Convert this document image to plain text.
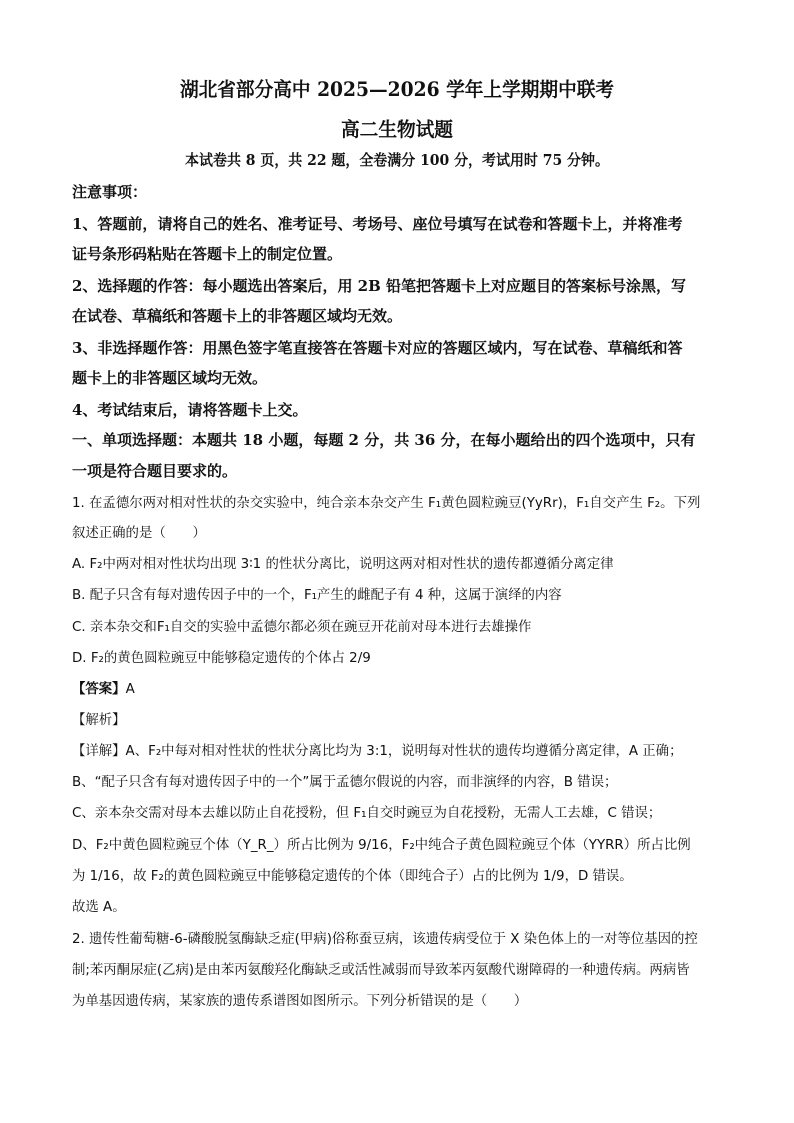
湖北省部分高中 2025—2026 学年上学期期中联考
高二生物试题
本试卷共 8 页，共 22 题，全卷满分 100 分，考试用时 75 分钟。
注意事项：
1、答题前，请将自己的姓名、准考证号、考场号、座位号填写在试卷和答题卡上，并将准考
证号条形码粘贴在答题卡上的制定位置。
2、选择题的作答：每小题选出答案后，用 2B 铅笔把答题卡上对应题目的答案标号涂黑，写
在试卷、草稿纸和答题卡上的非答题区域均无效。
3、非选择题作答：用黑色签字笔直接答在答题卡对应的答题区域内，写在试卷、草稿纸和答
题卡上的非答题区域均无效。
4、考试结束后，请将答题卡上交。
一、单项选择题：本题共 18 小题，每题 2 分，共 36 分，在每小题给出的四个选项中，只有
一项是符合题目要求的。
1. 在孟德尔两对相对性状的杂交实验中，纯合亲本杂交产生 F₁黄色圆粒豌豆(YyRr)，F₁自交产生 F₂。下列
叙述正确的是（　　）
A. F₂中两对相对性状均出现 3∶1 的性状分离比，说明这两对相对性状的遗传都遵循分离定律
B. 配子只含有每对遗传因子中的一个，F₁产生的雌配子有 4 种，这属于演绎的内容
C. 亲本杂交和F₁自交的实验中孟德尔都必须在豌豆开花前对母本进行去雄操作
D. F₂的黄色圆粒豌豆中能够稳定遗传的个体占 2/9
【答案】A
【解析】
【详解】A、F₂中每对相对性状的性状分离比均为 3:1，说明每对性状的遗传均遵循分离定律，A 正确；
B、“配子只含有每对遗传因子中的一个”属于孟德尔假说的内容，而非演绎的内容，B 错误；
C、亲本杂交需对母本去雄以防止自花授粉，但 F₁自交时豌豆为自花授粉，无需人工去雄，C 错误；
D、F₂中黄色圆粒豌豆个体（Y_R_）所占比例为 9/16，F₂中纯合子黄色圆粒豌豆个体（YYRR）所占比例
为 1/16，故 F₂的黄色圆粒豌豆中能够稳定遗传的个体（即纯合子）占的比例为 1/9，D 错误。
故选 A。
2. 遗传性葡萄糖-6-磷酸脱氢酶缺乏症(甲病)俗称蚕豆病，该遗传病受位于 X 染色体上的一对等位基因的控
制;苯丙酮尿症(乙病)是由苯丙氨酸羟化酶缺乏或活性减弱而导致苯丙氨酸代谢障碍的一种遗传病。两病皆
为单基因遗传病，某家族的遗传系谱图如图所示。下列分析错误的是（　　）
